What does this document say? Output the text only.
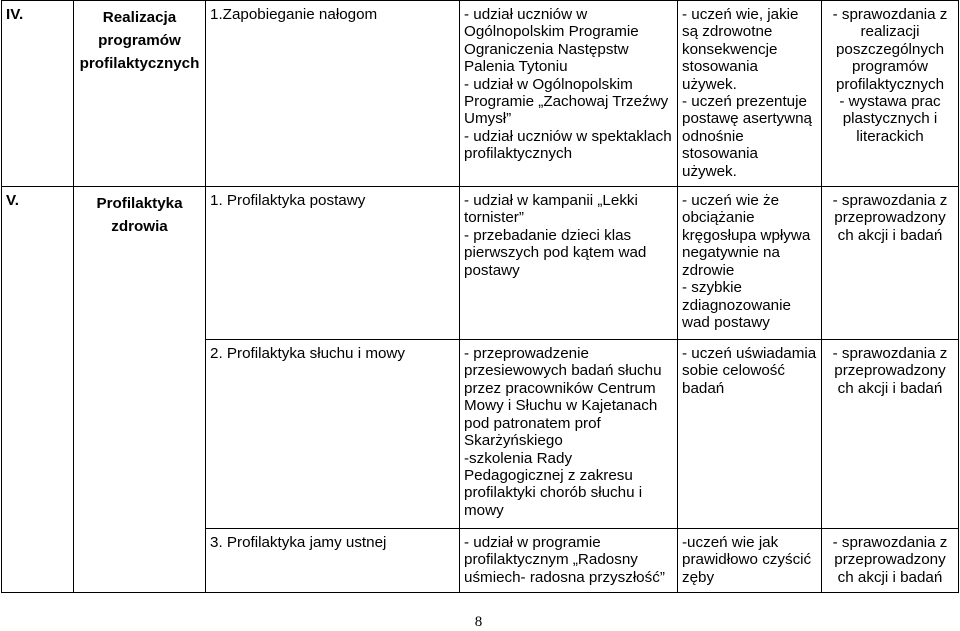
IV.	Realizacja programów profilaktycznych	1.Zapobieganie nałogom	- udział uczniów w Ogólnopolskim Programie Ograniczenia Następstw Palenia Tytoniu
- udział w Ogólnopolskim Programie „Zachowaj Trzeźwy Umysł”
- udział uczniów w spektaklach profilaktycznych	- uczeń wie, jakie są zdrowotne konsekwencje stosowania używek.
- uczeń prezentuje postawę asertywną odnośnie stosowania używek.	- sprawozdania z realizacji poszczególnych programów profilaktycznych
- wystawa prac plastycznych i literackich
V.	Profilaktyka zdrowia	1. Profilaktyka postawy	- udział w kampanii „Lekki tornister”
- przebadanie dzieci klas pierwszych pod kątem wad postawy	- uczeń wie że obciążanie kręgosłupa wpływa negatywnie na zdrowie
- szybkie zdiagnozowanie wad postawy	- sprawozdania z przeprowadzony ch akcji i badań
		2. Profilaktyka słuchu i mowy	- przeprowadzenie przesiewowych badań słuchu przez pracowników Centrum Mowy i Słuchu w Kajetanach pod patronatem prof Skarżyńskiego
-szkolenia Rady Pedagogicznej z zakresu profilaktyki chorób słuchu i mowy	- uczeń uświadamia sobie celowość badań	- sprawozdania z przeprowadzony ch akcji i badań
		3. Profilaktyka jamy ustnej	- udział w programie profilaktycznym „Radosny uśmiech- radosna przyszłość”	-uczeń wie jak prawidłowo czyścić zęby	- sprawozdania z przeprowadzony ch akcji i badań
8
